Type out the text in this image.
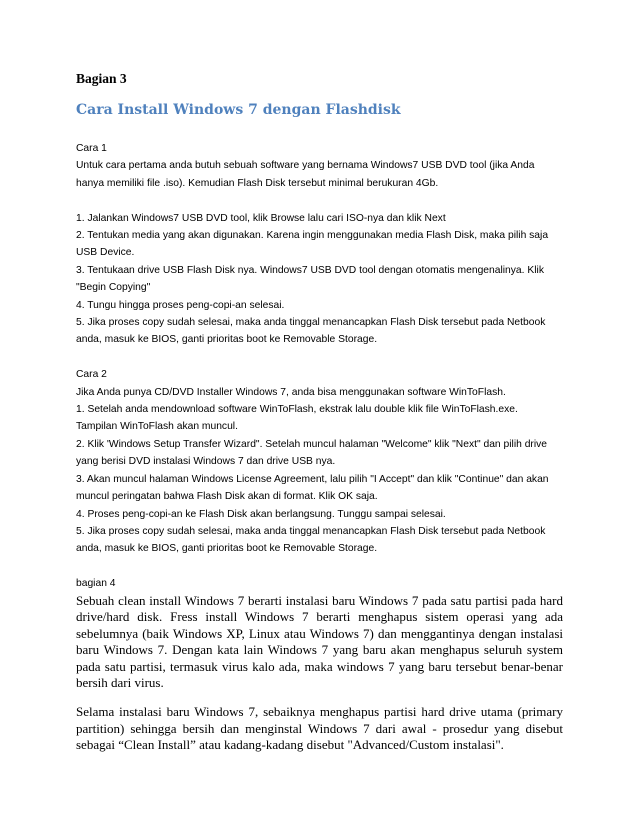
Bagian 3
Cara Install Windows 7 dengan Flashdisk

Cara 1

Untuk cara pertama anda butuh sebuah software yang bernama Windows7 USB DVD tool (jika Anda

hanya memiliki file .iso). Kemudian Flash Disk tersebut minimal berukuran 4Gb.

1. Jalankan Windows7 USB DVD tool, klik Browse lalu cari ISO-nya dan klik Next

2. Tentukan media yang akan digunakan. Karena ingin menggunakan media Flash Disk, maka pilih saja

USB Device.

3. Tentukaan drive USB Flash Disk nya. Windows7 USB DVD tool dengan otomatis mengenalinya. Klik

"Begin Copying"

4. Tungu hingga proses peng-copi-an selesai.

5. Jika proses copy sudah selesai, maka anda tinggal menancapkan Flash Disk tersebut pada Netbook

anda, masuk ke BIOS, ganti prioritas boot ke Removable Storage.

Cara 2

Jika Anda punya CD/DVD Installer Windows 7, anda bisa menggunakan software WinToFlash.

1. Setelah anda mendownload software WinToFlash, ekstrak lalu double klik file WinToFlash.exe.

Tampilan WinToFlash akan muncul.

2. Klik 'Windows Setup Transfer Wizard". Setelah muncul halaman "Welcome" klik "Next" dan pilih drive

yang berisi DVD instalasi Windows 7 dan drive USB nya.

3. Akan muncul halaman Windows License Agreement, lalu pilih "I Accept" dan klik "Continue" dan akan

muncul peringatan bahwa Flash Disk akan di format. Klik OK saja.

4. Proses peng-copi-an ke Flash Disk akan berlangsung. Tunggu sampai selesai.

5. Jika proses copy sudah selesai, maka anda tinggal menancapkan Flash Disk tersebut pada Netbook

anda, masuk ke BIOS, ganti prioritas boot ke Removable Storage.

bagian 4

Sebuah clean install Windows 7 berarti instalasi baru Windows 7 pada satu partisi pada hard drive/hard disk. Fress install Windows 7 berarti menghapus sistem operasi yang ada sebelumnya (baik Windows XP, Linux atau Windows 7) dan menggantinya dengan instalasi baru Windows 7. Dengan kata lain Windows 7 yang baru akan menghapus seluruh system pada satu partisi, termasuk virus kalo ada, maka windows 7 yang baru tersebut benar-benar bersih dari virus.

Selama instalasi baru Windows 7, sebaiknya menghapus partisi hard drive utama (primary partition) sehingga bersih dan menginstal Windows 7 dari awal - prosedur yang disebut sebagai “Clean Install” atau kadang-kadang disebut "Advanced/Custom instalasi".
